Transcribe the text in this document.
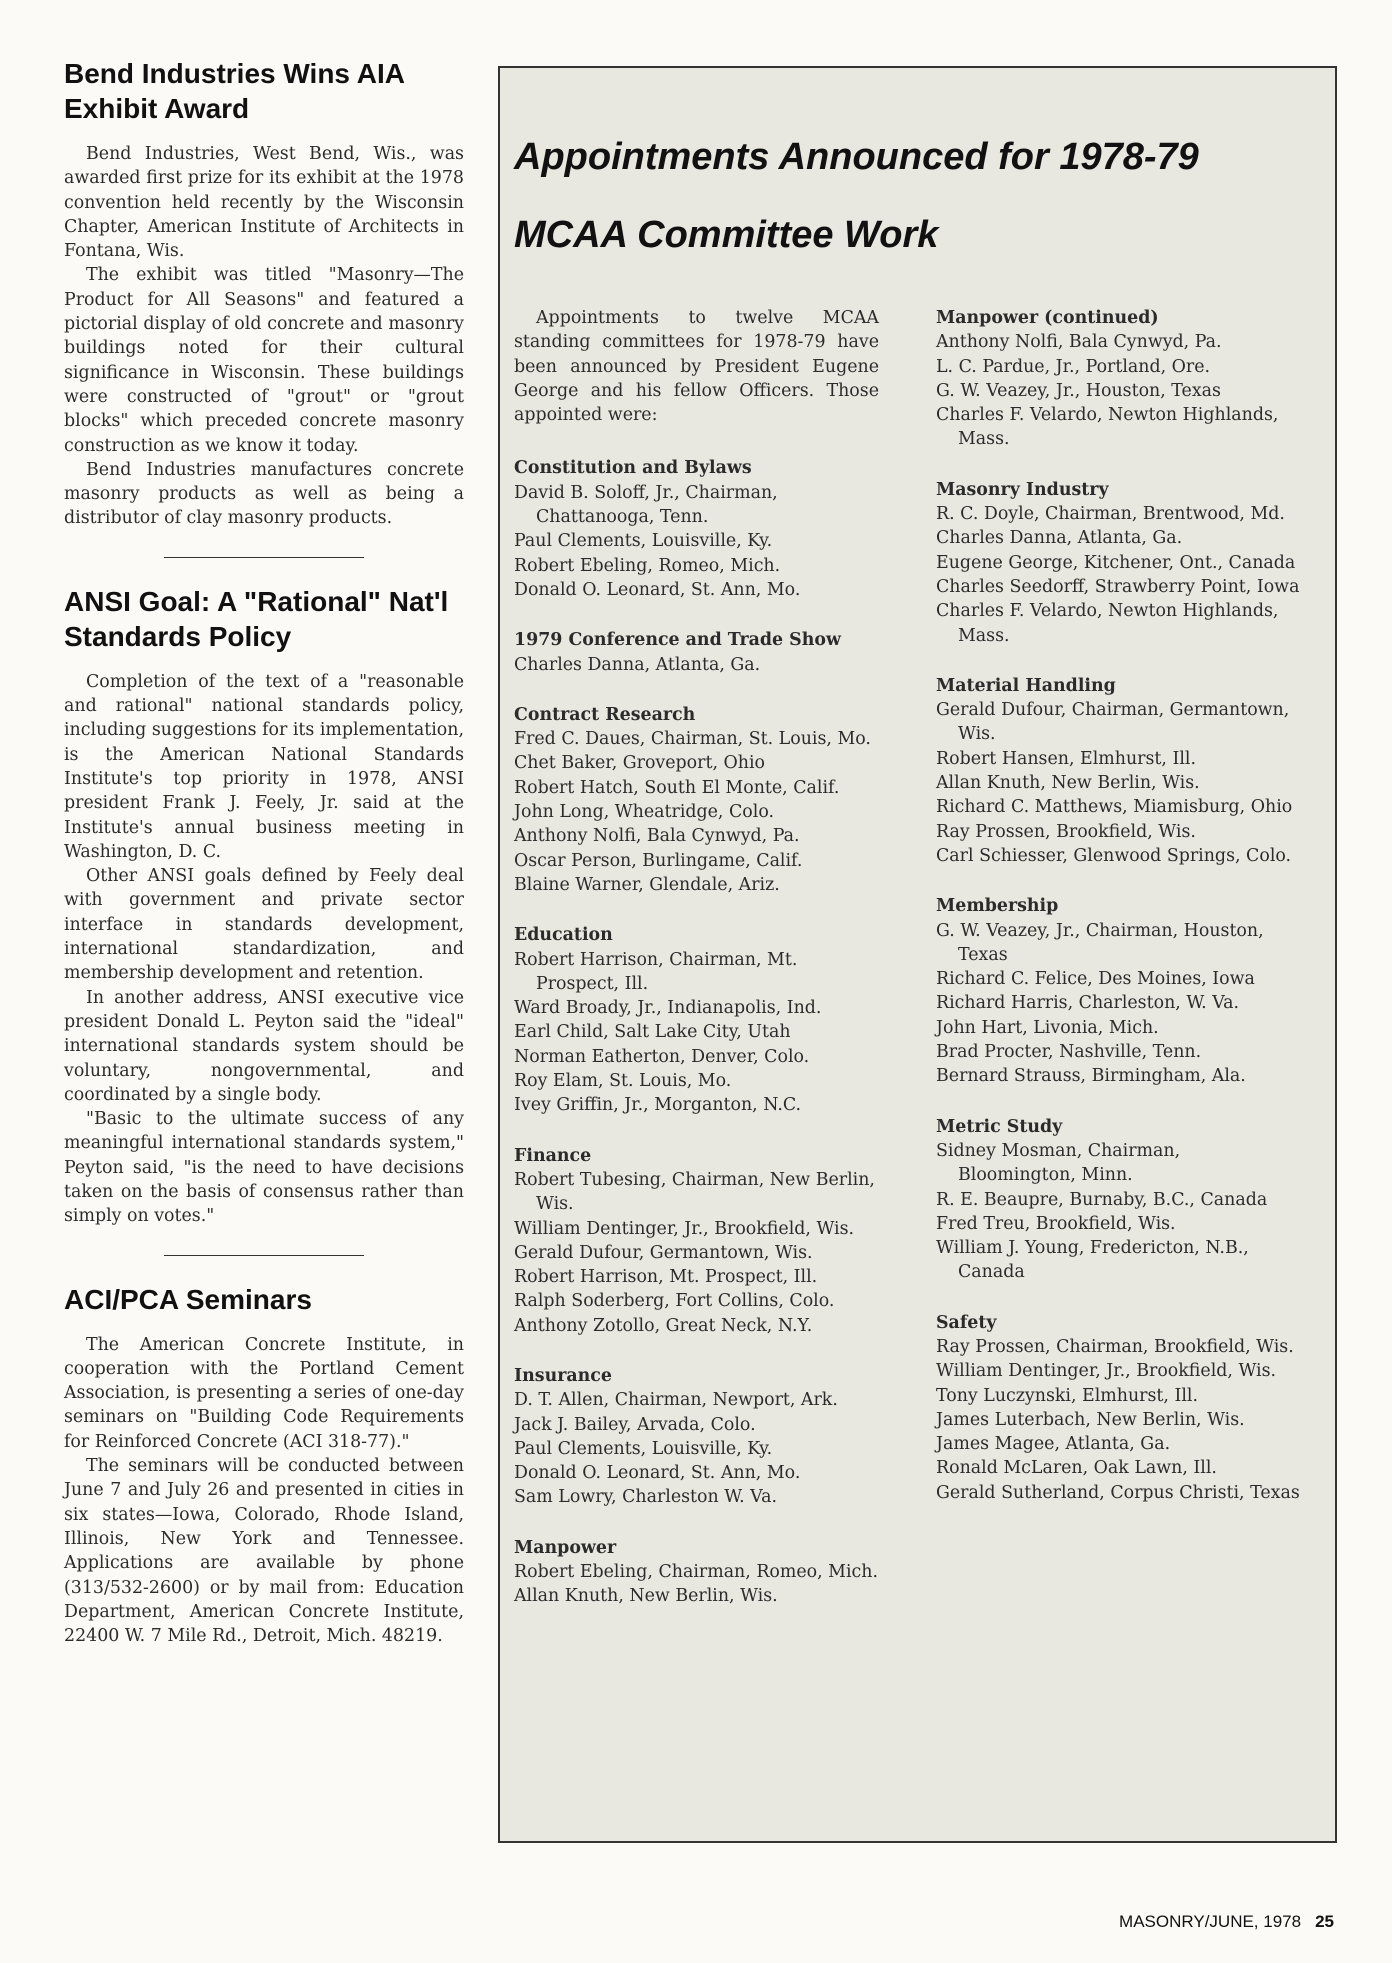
Bend Industries Wins AIA Exhibit Award

Bend Industries, West Bend, Wis., was awarded first prize for its exhibit at the 1978 convention held recently by the Wisconsin Chapter, American Institute of Architects in Fontana, Wis.

The exhibit was titled "Masonry—The Product for All Seasons" and featured a pictorial display of old concrete and masonry buildings noted for their cultural significance in Wisconsin. These buildings were constructed of "grout" or "grout blocks" which preceded concrete masonry construction as we know it today.

Bend Industries manufactures concrete masonry products as well as being a distributor of clay masonry products.

ANSI Goal: A "Rational" Nat'l Standards Policy

Completion of the text of a "reasonable and rational" national standards policy, including suggestions for its implementation, is the American National Standards Institute's top priority in 1978, ANSI president Frank J. Feely, Jr. said at the Institute's annual business meeting in Washington, D. C.

Other ANSI goals defined by Feely deal with government and private sector interface in standards development, international standardization, and membership development and retention.

In another address, ANSI executive vice president Donald L. Peyton said the "ideal" international standards system should be voluntary, nongovernmental, and coordinated by a single body.

"Basic to the ultimate success of any meaningful international standards system," Peyton said, "is the need to have decisions taken on the basis of consensus rather than simply on votes."

ACI/PCA Seminars

The American Concrete Institute, in cooperation with the Portland Cement Association, is presenting a series of one-day seminars on "Building Code Requirements for Reinforced Concrete (ACI 318-77)."

The seminars will be conducted between June 7 and July 26 and presented in cities in six states—Iowa, Colorado, Rhode Island, Illinois, New York and Tennessee. Applications are available by phone (313/532-2600) or by mail from: Education Department, American Concrete Institute, 22400 W. 7 Mile Rd., Detroit, Mich. 48219.

Appointments Announced for 1978-79
MCAA Committee Work

Appointments to twelve MCAA standing committees for 1978-79 have been announced by President Eugene George and his fellow Officers. Those appointed were:

Constitution and Bylaws

David B. Soloff, Jr., Chairman, Chattanooga, Tenn.

Paul Clements, Louisville, Ky.

Robert Ebeling, Romeo, Mich.

Donald O. Leonard, St. Ann, Mo.

1979 Conference and Trade Show

Charles Danna, Atlanta, Ga.

Contract Research

Fred C. Daues, Chairman, St. Louis, Mo.

Chet Baker, Groveport, Ohio

Robert Hatch, South El Monte, Calif.

John Long, Wheatridge, Colo.

Anthony Nolfi, Bala Cynwyd, Pa.

Oscar Person, Burlingame, Calif.

Blaine Warner, Glendale, Ariz.

Education

Robert Harrison, Chairman, Mt. Prospect, Ill.

Ward Broady, Jr., Indianapolis, Ind.

Earl Child, Salt Lake City, Utah

Norman Eatherton, Denver, Colo.

Roy Elam, St. Louis, Mo.

Ivey Griffin, Jr., Morganton, N.C.

Finance

Robert Tubesing, Chairman, New Berlin, Wis.

William Dentinger, Jr., Brookfield, Wis.

Gerald Dufour, Germantown, Wis.

Robert Harrison, Mt. Prospect, Ill.

Ralph Soderberg, Fort Collins, Colo.

Anthony Zotollo, Great Neck, N.Y.

Insurance

D. T. Allen, Chairman, Newport, Ark.

Jack J. Bailey, Arvada, Colo.

Paul Clements, Louisville, Ky.

Donald O. Leonard, St. Ann, Mo.

Sam Lowry, Charleston W. Va.

Manpower

Robert Ebeling, Chairman, Romeo, Mich.

Allan Knuth, New Berlin, Wis.

Manpower (continued)

Anthony Nolfi, Bala Cynwyd, Pa.

L. C. Pardue, Jr., Portland, Ore.

G. W. Veazey, Jr., Houston, Texas

Charles F. Velardo, Newton Highlands, Mass.

Masonry Industry

R. C. Doyle, Chairman, Brentwood, Md.

Charles Danna, Atlanta, Ga.

Eugene George, Kitchener, Ont., Canada

Charles Seedorff, Strawberry Point, Iowa

Charles F. Velardo, Newton Highlands, Mass.

Material Handling

Gerald Dufour, Chairman, Germantown, Wis.

Robert Hansen, Elmhurst, Ill.

Allan Knuth, New Berlin, Wis.

Richard C. Matthews, Miamisburg, Ohio

Ray Prossen, Brookfield, Wis.

Carl Schiesser, Glenwood Springs, Colo.

Membership

G. W. Veazey, Jr., Chairman, Houston, Texas

Richard C. Felice, Des Moines, Iowa

Richard Harris, Charleston, W. Va.

John Hart, Livonia, Mich.

Brad Procter, Nashville, Tenn.

Bernard Strauss, Birmingham, Ala.

Metric Study

Sidney Mosman, Chairman, Bloomington, Minn.

R. E. Beaupre, Burnaby, B.C., Canada

Fred Treu, Brookfield, Wis.

William J. Young, Fredericton, N.B., Canada

Safety

Ray Prossen, Chairman, Brookfield, Wis.

William Dentinger, Jr., Brookfield, Wis.

Tony Luczynski, Elmhurst, Ill.

James Luterbach, New Berlin, Wis.

James Magee, Atlanta, Ga.

Ronald McLaren, Oak Lawn, Ill.

Gerald Sutherland, Corpus Christi, Texas

MASONRY/JUNE, 1978 25
